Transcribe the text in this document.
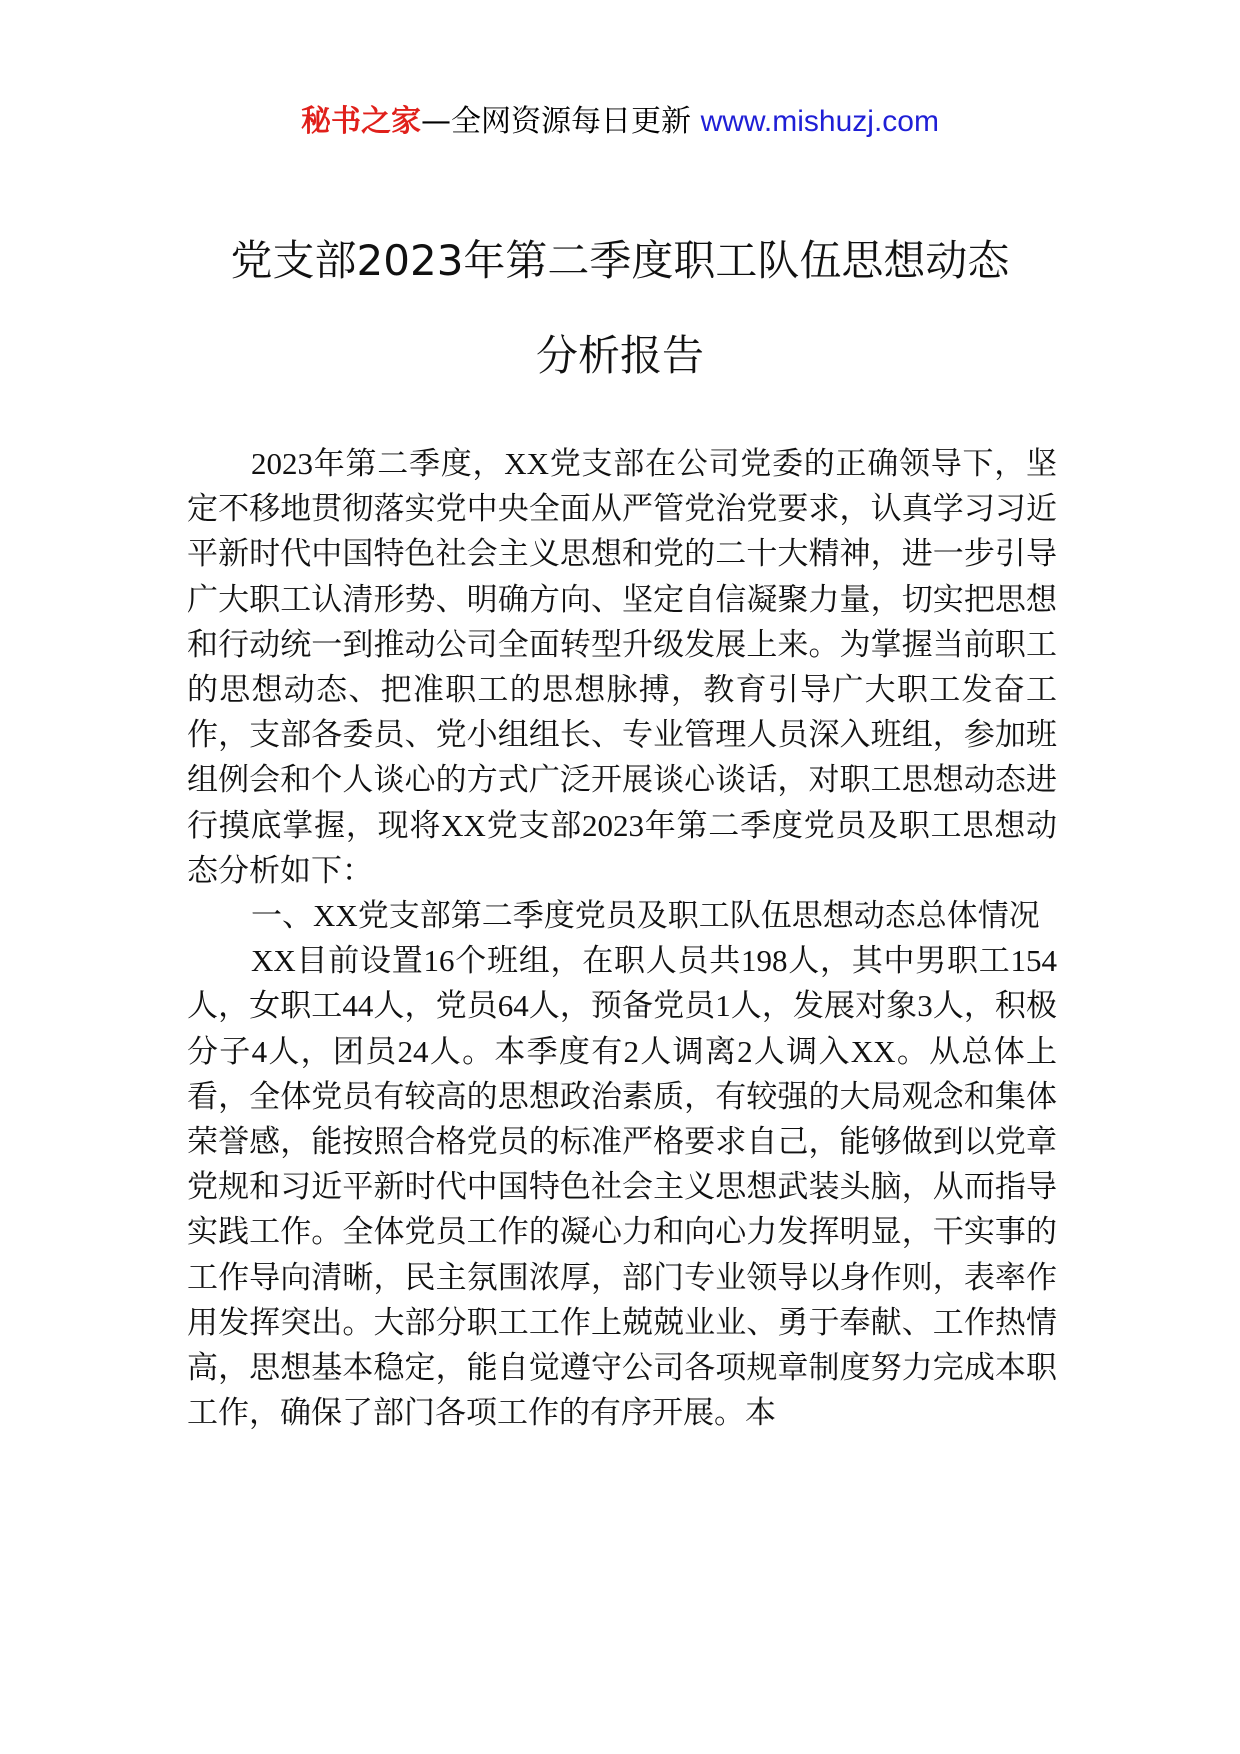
秘书之家—全网资源每日更新 www.mishuzj.com
党支部2023年第二季度职工队伍思想动态
分析报告

2023年第二季度，XX党支部在公司党委的正确领导下，坚定不移地贯彻落实党中央全面从严管党治党要求，认真学习习近平新时代中国特色社会主义思想和党的二十大精神，进一步引导广大职工认清形势、明确方向、坚定自信凝聚力量，切实把思想和行动统一到推动公司全面转型升级发展上来。为掌握当前职工的思想动态、把准职工的思想脉搏，教育引导广大职工发奋工作，支部各委员、党小组组长、专业管理人员深入班组，参加班组例会和个人谈心的方式广泛开展谈心谈话，对职工思想动态进行摸底掌握，现将XX党支部2023年第二季度党员及职工思想动态分析如下：

一、XX党支部第二季度党员及职工队伍思想动态总体情况

XX目前设置16个班组，在职人员共198人，其中男职工154人，女职工44人，党员64人，预备党员1人，发展对象3人，积极分子4人，团员24人。本季度有2人调离2人调入XX。从总体上看，全体党员有较高的思想政治素质，有较强的大局观念和集体荣誉感，能按照合格党员的标准严格要求自己，能够做到以党章党规和习近平新时代中国特色社会主义思想武装头脑，从而指导实践工作。全体党员工作的凝心力和向心力发挥明显，干实事的工作导向清晰，民主氛围浓厚，部门专业领导以身作则，表率作用发挥突出。大部分职工工作上兢兢业业、勇于奉献、工作热情高，思想基本稳定，能自觉遵守公司各项规章制度努力完成本职工作，确保了部门各项工作的有序开展。本
